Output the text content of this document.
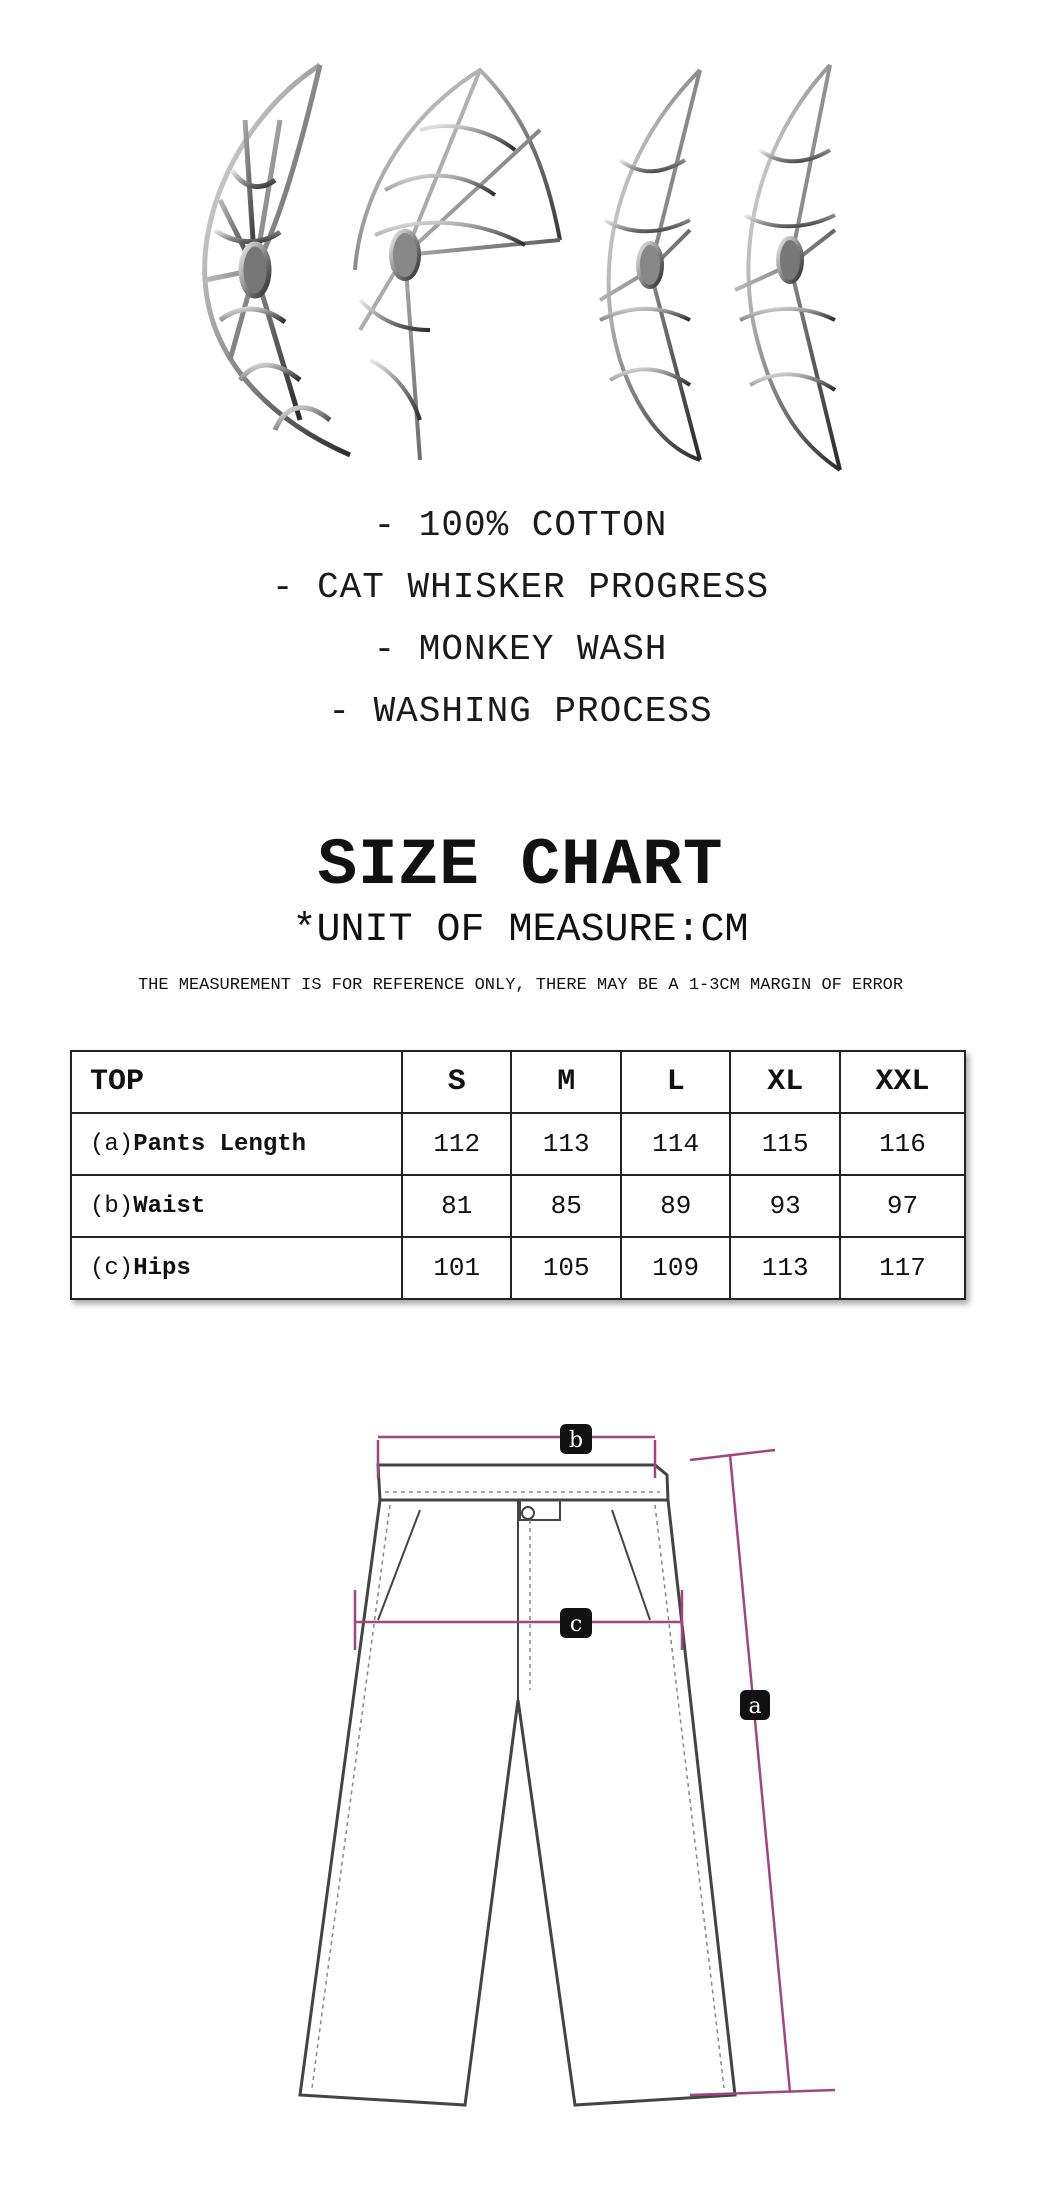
- 100% COTTON
- CAT WHISKER PROGRESS
- MONKEY WASH
- WASHING PROCESS
SIZE CHART
*UNIT OF MEASURE:CM
THE MEASUREMENT IS FOR REFERENCE ONLY, THERE MAY BE A 1-3CM MARGIN OF ERROR
TOP	S	M	L	XL	XXL
(a)Pants Length	112	113	114	115	116
(b)Waist	81	85	89	93	97
(c)Hips	101	105	109	113	117
b
c
a
